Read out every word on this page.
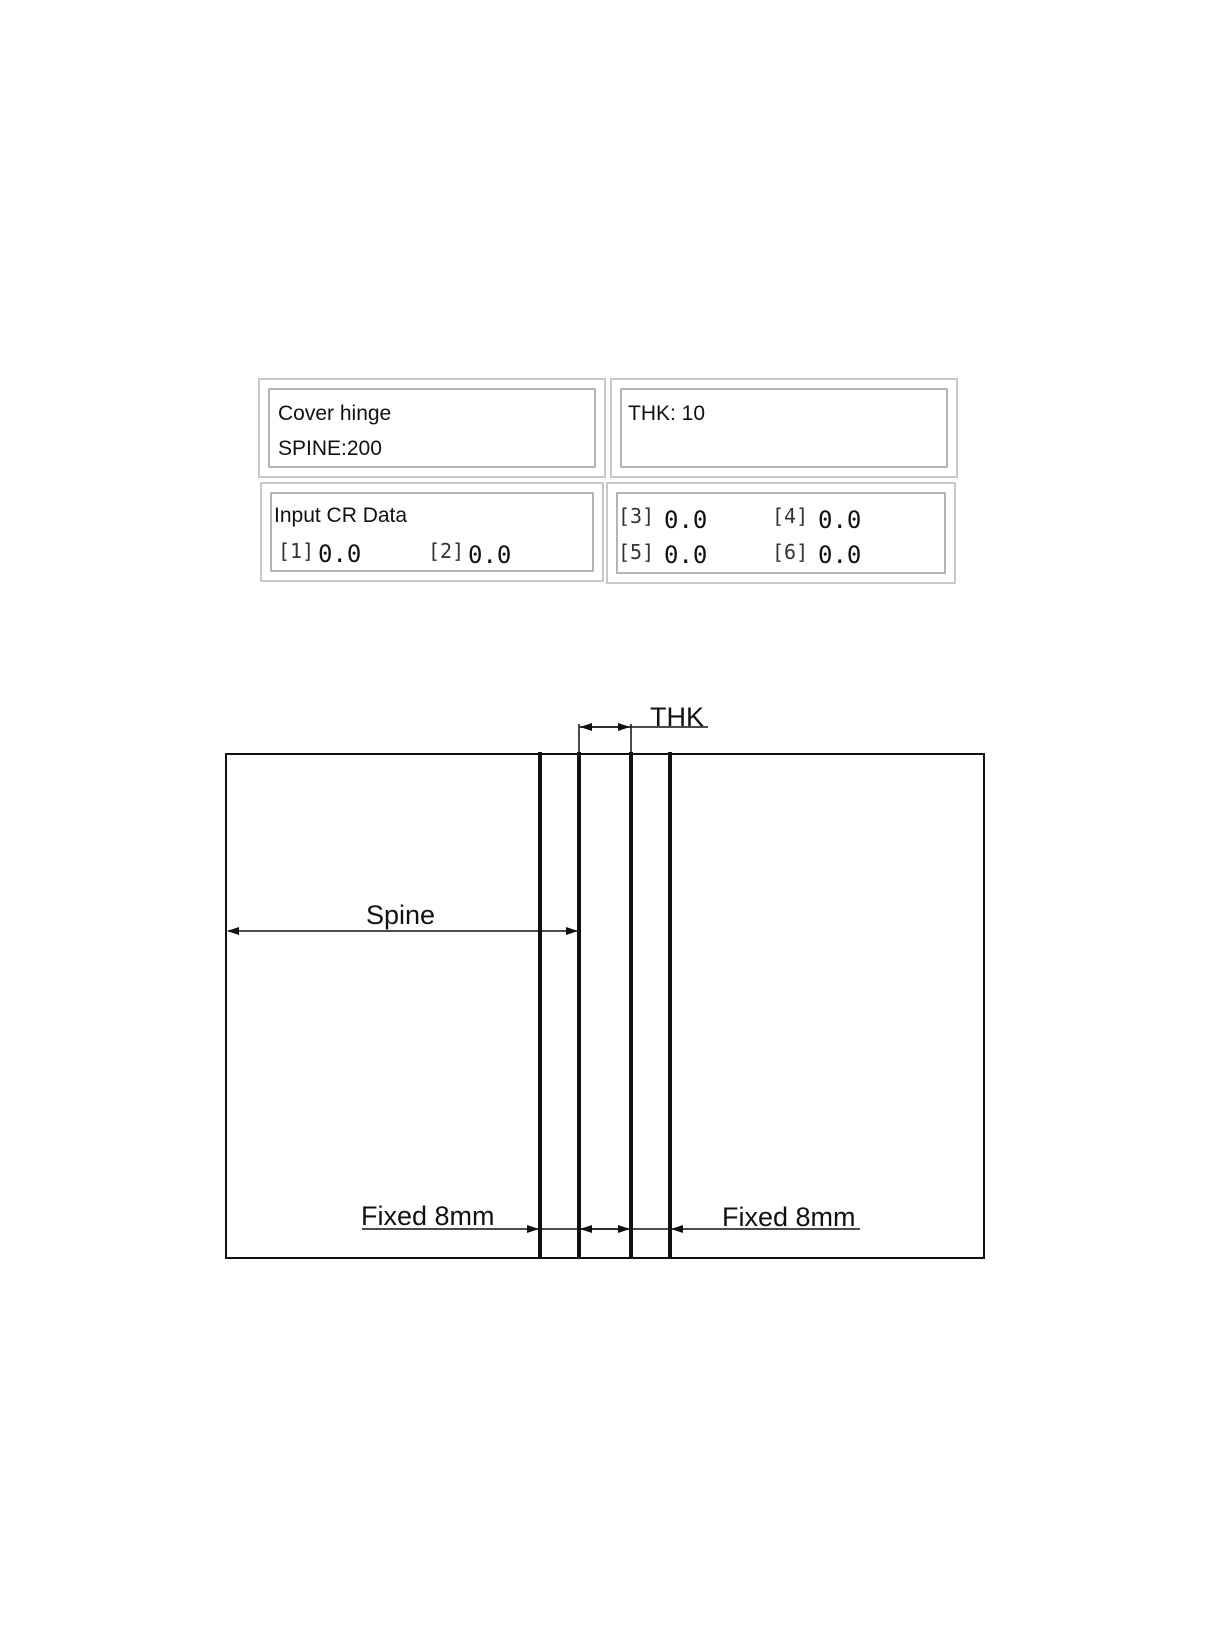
Cover hinge
SPINE:200
THK: 10
Input CR Data
[1] 0.0	[2] 0.0
[3] 0.0	[4] 0.0
[5] 0.0	[6] 0.0
THK
Spine
Fixed 8mm	Fixed 8mm
